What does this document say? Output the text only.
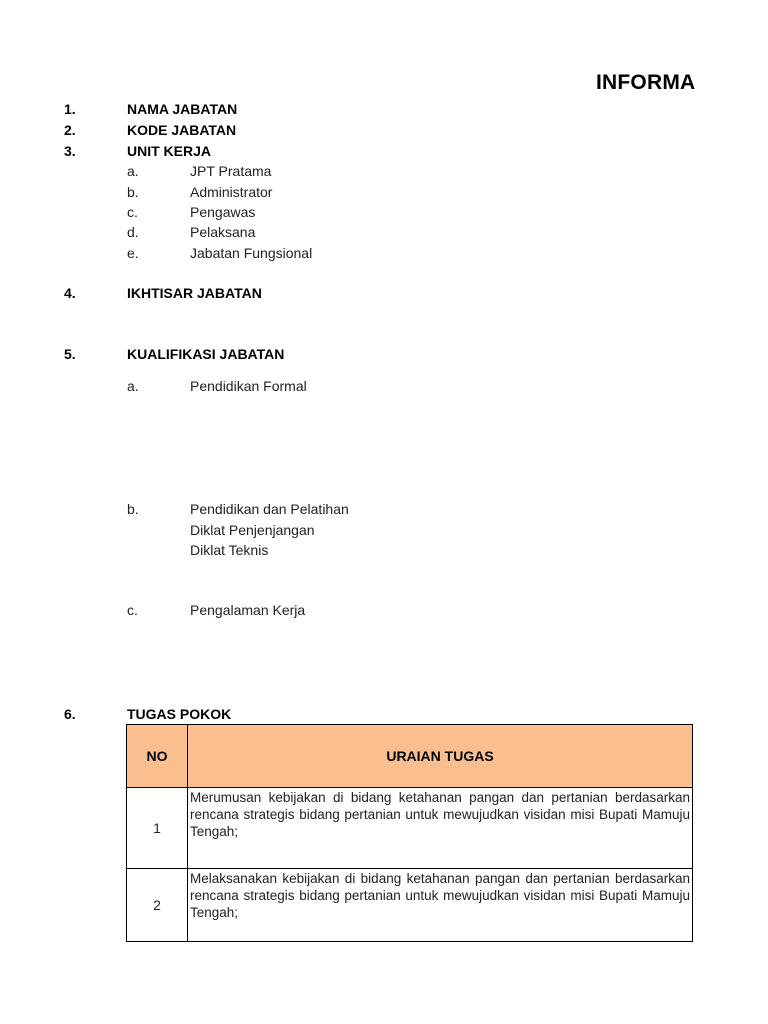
INFORMA
1.	NAMA JABATAN
2.	KODE JABATAN
3.	UNIT KERJA
a.	JPT Pratama
b.	Administrator
c.	Pengawas
d.	Pelaksana
e.	Jabatan Fungsional
4.	IKHTISAR JABATAN
5.	KUALIFIKASI JABATAN
a.	Pendidikan Formal
b.	Pendidikan dan Pelatihan
Diklat Penjenjangan
Diklat Teknis
c.	Pengalaman Kerja
6.	TUGAS POKOK
NO	URAIAN TUGAS
1	Merumusan kebijakan di bidang ketahanan pangan dan pertanian berdasarkan rencana strategis bidang pertanian untuk mewujudkan visidan misi Bupati Mamuju Tengah;
2	Melaksanakan kebijakan di bidang ketahanan pangan dan pertanian berdasarkan rencana strategis bidang pertanian untuk mewujudkan visidan misi Bupati Mamuju Tengah;
